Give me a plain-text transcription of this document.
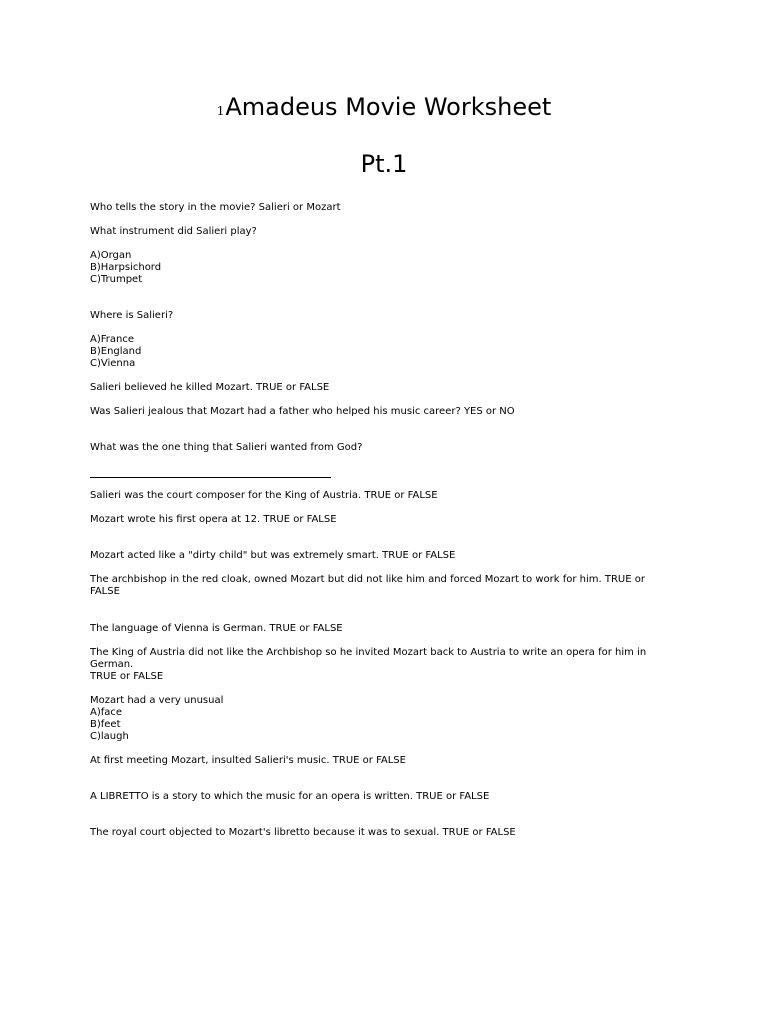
1Amadeus Movie Worksheet
Pt.1
Who tells the story in the movie? Salieri or Mozart
What instrument did Salieri play?
A)Organ
B)Harpsichord
C)Trumpet
Where is Salieri?
A)France
B)England
C)Vienna
Salieri believed he killed Mozart. TRUE or FALSE
Was Salieri jealous that Mozart had a father who helped his music career? YES or NO
What was the one thing that Salieri wanted from God?
Salieri was the court composer for the King of Austria. TRUE or FALSE
Mozart wrote his first opera at 12. TRUE or FALSE
Mozart acted like a "dirty child" but was extremely smart. TRUE or FALSE
The archbishop in the red cloak, owned Mozart but did not like him and forced Mozart to work for him. TRUE or
FALSE
The language of Vienna is German. TRUE or FALSE
The King of Austria did not like the Archbishop so he invited Mozart back to Austria to write an opera for him in
German.
TRUE or FALSE
Mozart had a very unusual
A)face
B)feet
C)laugh
At first meeting Mozart, insulted Salieri's music. TRUE or FALSE
A LIBRETTO is a story to which the music for an opera is written. TRUE or FALSE
The royal court objected to Mozart's libretto because it was to sexual. TRUE or FALSE
